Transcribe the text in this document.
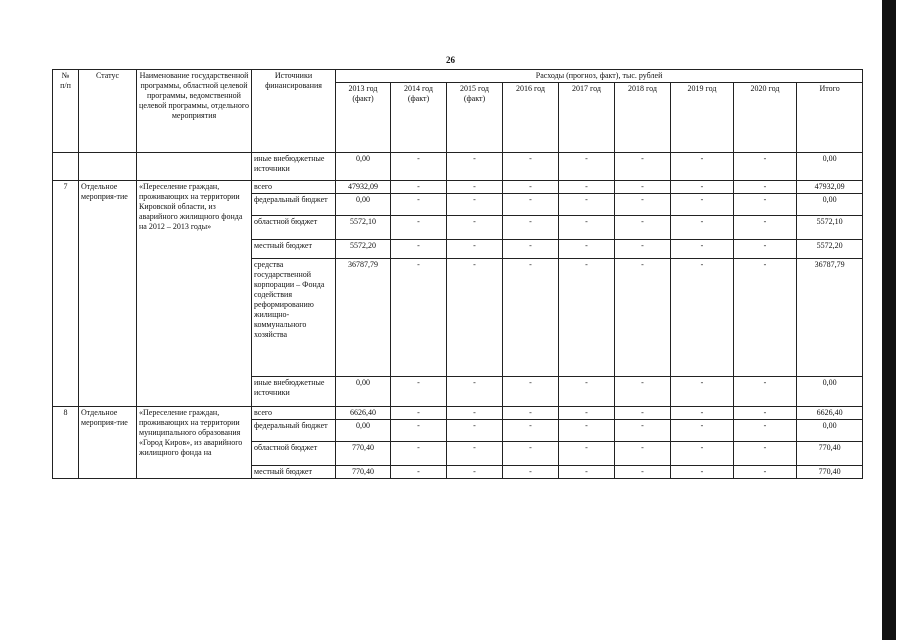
26
№
п/п	Статус	Наименование государственной программы, областной целевой программы, ведомственной целевой программы, отдельного мероприятия	Источники финансирования	Расходы (прогноз, факт), тыс. рублей								
				2013 год (факт)	2014 год (факт)	2015 год (факт)	2016 год	2017 год	2018 год	2019 год	2020 год	Итого
			иные внебюджетные источники	0,00	-	-	-	-	-	-	-	0,00
7	Отдельное мероприя-тие	«Переселение граждан, проживающих на территории Кировской области, из аварийного жилищного фонда на 2012 – 2013 годы»	всего	47932,09	-	-	-	-	-	-	-	47932,09
			федеральный бюджет	0,00	-	-	-	-	-	-	-	0,00
			областной бюджет	5572,10	-	-	-	-	-	-	-	5572,10
			местный бюджет	5572,20	-	-	-	-	-	-	-	5572,20
			средства государственной корпорации – Фонда содействия реформированию жилищно-коммунального хозяйства	36787,79	-	-	-	-	-	-	-	36787,79
			иные внебюджетные источники	0,00	-	-	-	-	-	-	-	0,00
8	Отдельное мероприя-тие	«Переселение граждан, проживающих на территории муниципального образования «Город Киров», из аварийного жилищного фонда на	всего	6626,40	-	-	-	-	-	-	-	6626,40
			федеральный бюджет	0,00	-	-	-	-	-	-	-	0,00
			областной бюджет	770,40	-	-	-	-	-	-	-	770,40
			местный бюджет	770,40	-	-	-	-	-	-	-	770,40
